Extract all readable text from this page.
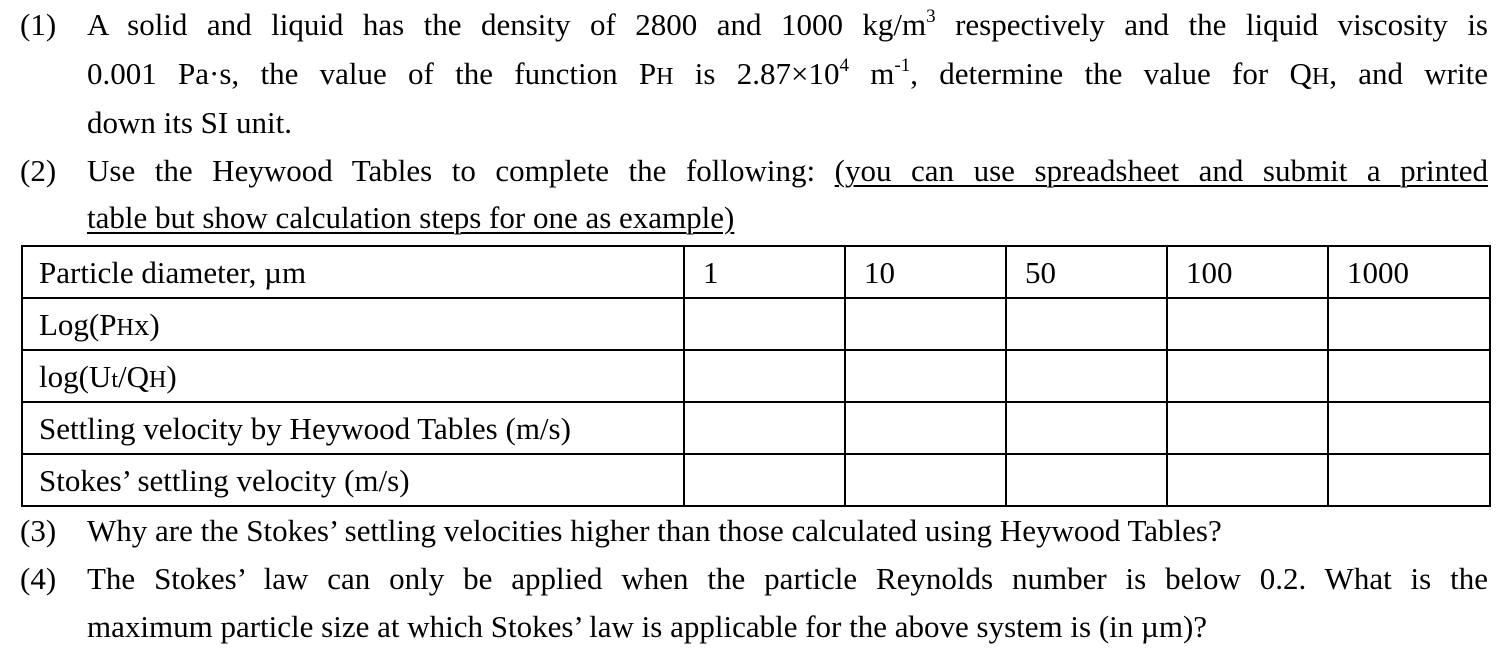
(1) A solid and liquid has the density of 2800 and 1000 $kg/m^3$ respectively and the liquid viscosity is
0.001 Pa·s, the value of the function PH is $2.87\times 10^4$ $m^{-1}$, determine the value for QH, and write
down its SI unit.
(2) Use the Heywood Tables to complete the following: (you can use spreadsheet and submit a printed
table but show calculation steps for one as example)
Particle diameter, µm	1	10	50	100	1000
Log(PHx)					
log(Ut/QH)					
Settling velocity by Heywood Tables (m/s)					
Stokes’ settling velocity (m/s)					
(3) Why are the Stokes’ settling velocities higher than those calculated using Heywood Tables?
(4) The Stokes’ law can only be applied when the particle Reynolds number is below 0.2. What is the
maximum particle size at which Stokes’ law is applicable for the above system is (in µm)?
